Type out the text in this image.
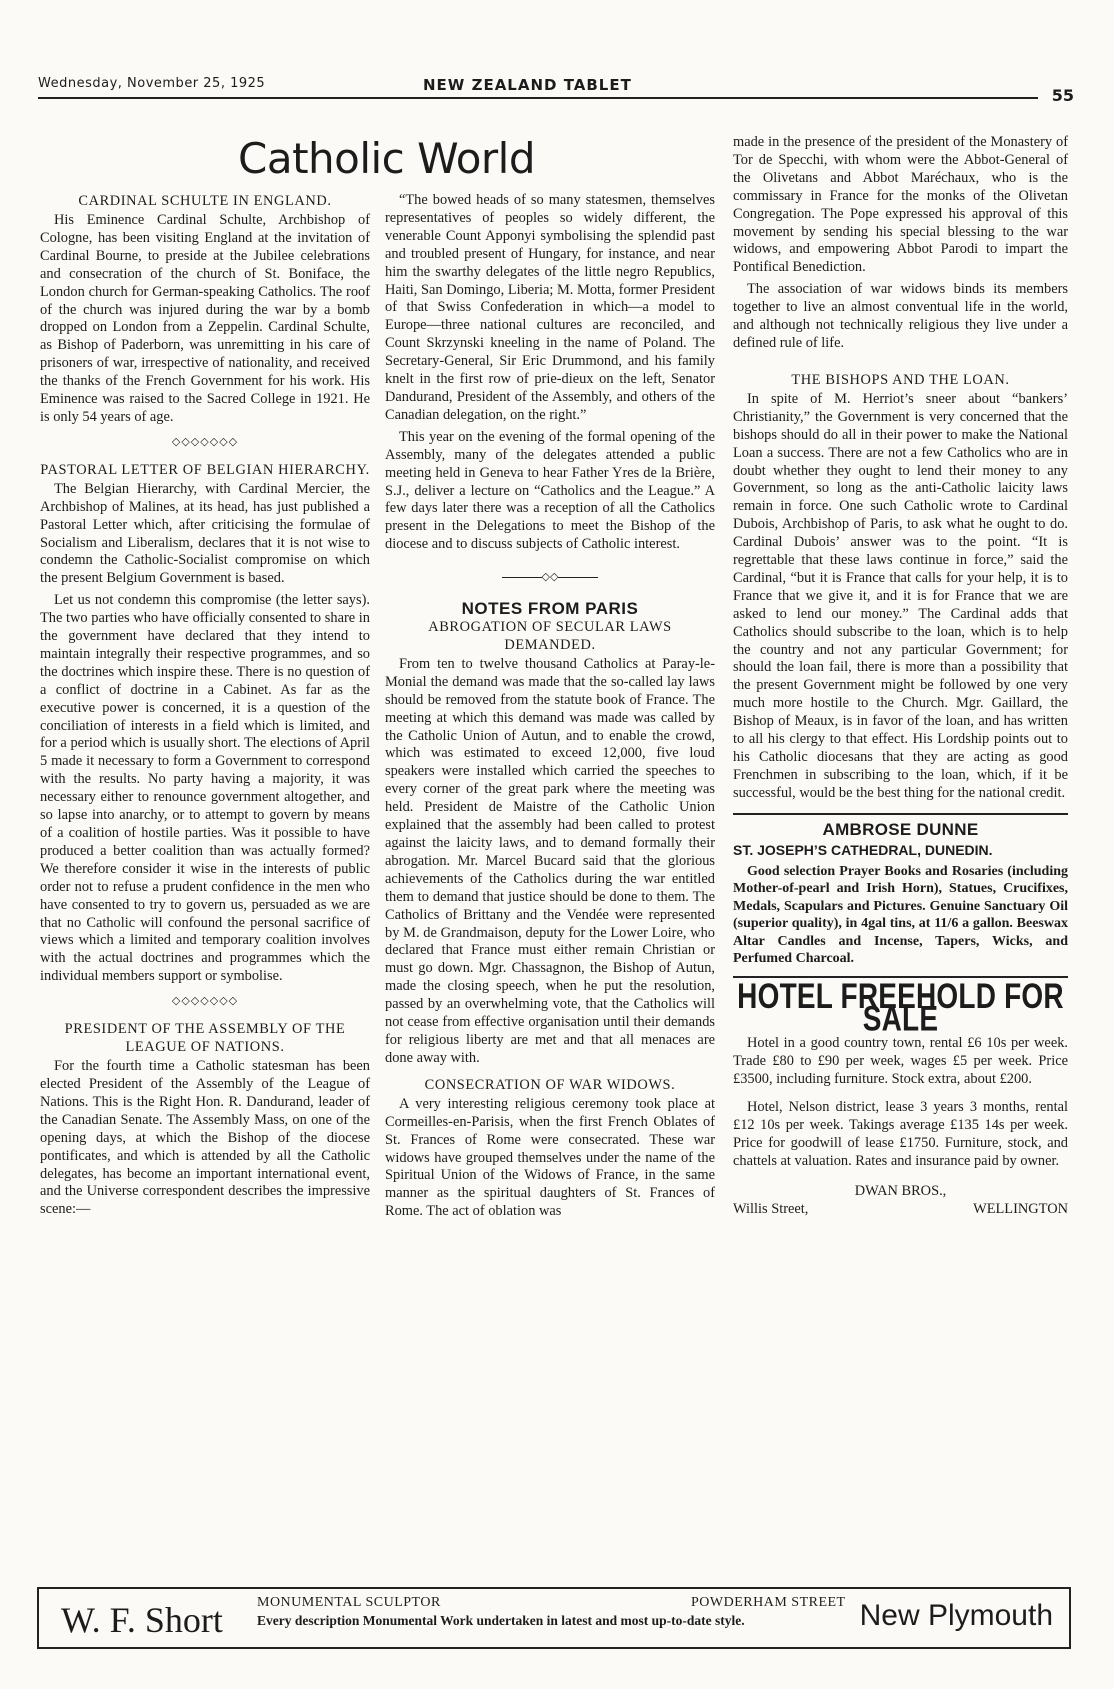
Wednesday, November 25, 1925	NEW ZEALAND TABLET
55
Catholic World
CARDINAL SCHULTE IN ENGLAND.

His Eminence Cardinal Schulte, Archbishop of Cologne, has been visiting England at the invitation of Cardinal Bourne, to preside at the Jubilee celebrations and consecration of the church of St. Boniface, the London church for German-speaking Catholics. The roof of the church was injured during the war by a bomb dropped on London from a Zeppelin. Cardinal Schulte, as Bishop of Paderborn, was unremitting in his care of prisoners of war, irrespective of nationality, and received the thanks of the French Government for his work. His Eminence was raised to the Sacred College in 1921. He is only 54 years of age.

◇◇◇◇◇◇◇
PASTORAL LETTER OF BELGIAN HIERARCHY.

The Belgian Hierarchy, with Cardinal Mercier, the Archbishop of Malines, at its head, has just published a Pastoral Letter which, after criticising the formulae of Socialism and Liberalism, declares that it is not wise to condemn the Catholic-Socialist compromise on which the present Belgium Government is based.

Let us not condemn this compromise (the letter says). The two parties who have officially consented to share in the government have declared that they intend to maintain integrally their respective programmes, and so the doctrines which inspire these. There is no question of a conflict of doctrine in a Cabinet. As far as the executive power is concerned, it is a question of the conciliation of interests in a field which is limited, and for a period which is usually short. The elections of April 5 made it necessary to form a Government to correspond with the results. No party having a majority, it was necessary either to renounce government altogether, and so lapse into anarchy, or to attempt to govern by means of a coalition of hostile parties. Was it possible to have produced a better coalition than was actually formed? We therefore consider it wise in the interests of public order not to refuse a prudent confidence in the men who have consented to try to govern us, persuaded as we are that no Catholic will confound the personal sacrifice of views which a limited and temporary coalition involves with the actual doctrines and programmes which the individual members support or symbolise.

◇◇◇◇◇◇◇
PRESIDENT OF THE ASSEMBLY OF THE LEAGUE OF NATIONS.

For the fourth time a Catholic statesman has been elected President of the Assembly of the League of Nations. This is the Right Hon. R. Dandurand, leader of the Canadian Senate. The Assembly Mass, on one of the opening days, at which the Bishop of the diocese pontificates, and which is attended by all the Catholic delegates, has become an important international event, and the Universe correspondent describes the impressive scene:—

“The bowed heads of so many statesmen, themselves representatives of peoples so widely different, the venerable Count Apponyi symbolising the splendid past and troubled present of Hungary, for instance, and near him the swarthy delegates of the little negro Republics, Haiti, San Domingo, Liberia; M. Motta, former President of that Swiss Confederation in which—a model to Europe—three national cultures are reconciled, and Count Skrzynski kneeling in the name of Poland. The Secretary-General, Sir Eric Drummond, and his family knelt in the first row of prie-dieux on the left, Senator Dandurand, President of the Assembly, and others of the Canadian delegation, on the right.”

This year on the evening of the formal opening of the Assembly, many of the delegates attended a public meeting held in Geneva to hear Father Yres de la Brière, S.J., deliver a lecture on “Catholics and the League.” A few days later there was a reception of all the Catholics present in the Delegations to meet the Bishop of the diocese and to discuss subjects of Catholic interest.

◇◇
NOTES FROM PARIS
ABROGATION OF SECULAR LAWS DEMANDED.

From ten to twelve thousand Catholics at Paray-le-Monial the demand was made that the so-called lay laws should be removed from the statute book of France. The meeting at which this demand was made was called by the Catholic Union of Autun, and to enable the crowd, which was estimated to exceed 12,000, five loud speakers were installed which carried the speeches to every corner of the great park where the meeting was held. President de Maistre of the Catholic Union explained that the assembly had been called to protest against the laicity laws, and to demand formally their abrogation. Mr. Marcel Bucard said that the glorious achievements of the Catholics during the war entitled them to demand that justice should be done to them. The Catholics of Brittany and the Vendée were represented by M. de Grandmaison, deputy for the Lower Loire, who declared that France must either remain Christian or must go down. Mgr. Chassagnon, the Bishop of Autun, made the closing speech, when he put the resolution, passed by an overwhelming vote, that the Catholics will not cease from effective organisation until their demands for religious liberty are met and that all menaces are done away with.

CONSECRATION OF WAR WIDOWS.

A very interesting religious ceremony took place at Cormeilles-en-Parisis, when the first French Oblates of St. Frances of Rome were consecrated. These war widows have grouped themselves under the name of the Spiritual Union of the Widows of France, in the same manner as the spiritual daughters of St. Frances of Rome. The act of oblation was

made in the presence of the president of the Monastery of Tor de Specchi, with whom were the Abbot-General of the Olivetans and Abbot Maréchaux, who is the commissary in France for the monks of the Olivetan Congregation. The Pope expressed his approval of this movement by sending his special blessing to the war widows, and empowering Abbot Parodi to impart the Pontifical Benediction.

The association of war widows binds its members together to live an almost conventual life in the world, and although not technically religious they live under a defined rule of life.

THE BISHOPS AND THE LOAN.

In spite of M. Herriot’s sneer about “bankers’ Christianity,” the Government is very concerned that the bishops should do all in their power to make the National Loan a success. There are not a few Catholics who are in doubt whether they ought to lend their money to any Government, so long as the anti-Catholic laicity laws remain in force. One such Catholic wrote to Cardinal Dubois, Archbishop of Paris, to ask what he ought to do. Cardinal Dubois’ answer was to the point. “It is regrettable that these laws continue in force,” said the Cardinal, “but it is France that calls for your help, it is to France that we give it, and it is for France that we are asked to lend our money.” The Cardinal adds that Catholics should subscribe to the loan, which is to help the country and not any particular Government; for should the loan fail, there is more than a possibility that the present Government might be followed by one very much more hostile to the Church. Mgr. Gaillard, the Bishop of Meaux, is in favor of the loan, and has written to all his clergy to that effect. His Lordship points out to his Catholic diocesans that they are acting as good Frenchmen in subscribing to the loan, which, if it be successful, would be the best thing for the national credit.

AMBROSE DUNNE
ST. JOSEPH’S CATHEDRAL, DUNEDIN.

Good selection Prayer Books and Rosaries (including Mother-of-pearl and Irish Horn), Statues, Crucifixes, Medals, Scapulars and Pictures. Genuine Sanctuary Oil (superior quality), in 4gal tins, at 11/6 a gallon. Beeswax Altar Candles and Incense, Tapers, Wicks, and Perfumed Charcoal.

HOTEL FREEHOLD FOR SALE

Hotel in a good country town, rental £6 10s per week. Trade £80 to £90 per week, wages £5 per week. Price £3500, including furniture. Stock extra, about £200.

Hotel, Nelson district, lease 3 years 3 months, rental £12 10s per week. Takings average £135 14s per week. Price for goodwill of lease £1750. Furniture, stock, and chattels at valuation. Rates and insurance paid by owner.

DWAN BROS.,
Willis Street,	WELLINGTON
W. F. Short MONUMENTAL SCULPTOR
Every description Monumental Work undertaken in latest and most up-to-date style.
POWDERHAM STREET New Plymouth
